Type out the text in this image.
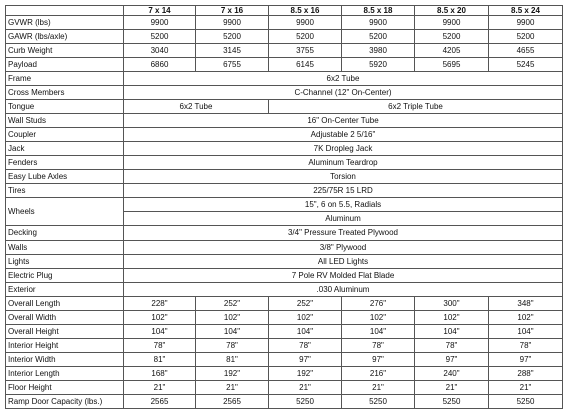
	7 x 14	7 x 16	8.5 x 16	8.5 x 18	8.5 x 20	8.5 x 24
GVWR (lbs)	9900	9900	9900	9900	9900	9900
GAWR (lbs/axle)	5200	5200	5200	5200	5200	5200
Curb Weight	3040	3145	3755	3980	4205	4655
Payload	6860	6755	6145	5920	5695	5245
Frame	6x2 Tube					
Cross Members	C-Channel (12" On-Center)					
Tongue	6x2 Tube		6x2 Triple Tube			
Wall Studs	16" On-Center Tube					
Coupler	Adjustable 2 5/16"					
Jack	7K Dropleg Jack					
Fenders	Aluminum Teardrop					
Easy Lube Axles	Torsion					
Tires	225/75R 15 LRD					
Wheels	15", 6 on 5.5, Radials					
	Aluminum					
Decking	3/4" Pressure Treated Plywood					
Walls	3/8" Plywood					
Lights	All LED Lights					
Electric Plug	7 Pole RV Molded Flat Blade					
Exterior	.030 Aluminum					
Overall Length	228"	252"	252"	276"	300"	348"
Overall Width	102"	102"	102"	102"	102"	102"
Overall Height	104"	104"	104"	104"	104"	104"
Interior Height	78"	78"	78"	78"	78"	78"
Interior Width	81"	81"	97"	97"	97"	97"
Interior Length	168"	192"	192"	216"	240"	288"
Floor Height	21"	21"	21"	21"	21"	21"
Ramp Door Capacity (lbs.)	2565	2565	5250	5250	5250	5250
